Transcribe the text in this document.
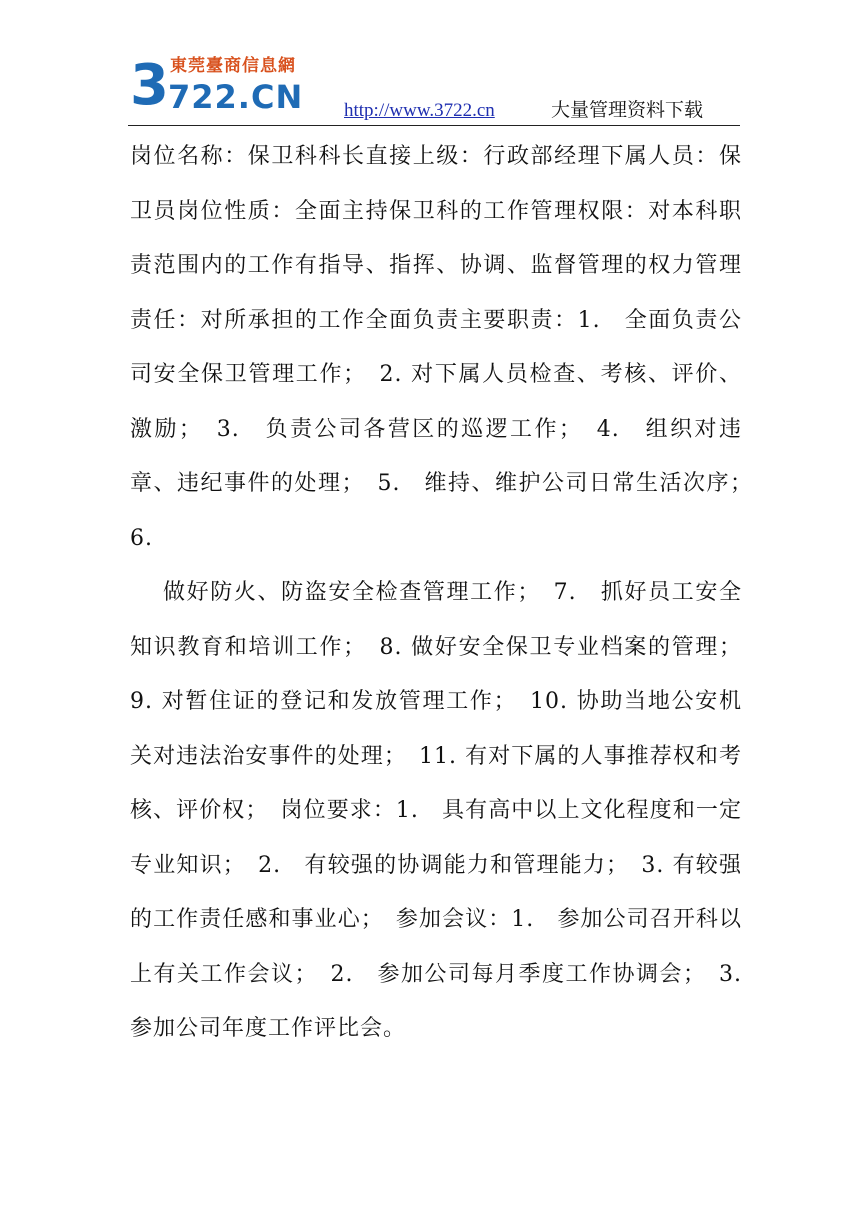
3 東莞臺商信息網
722.CN http://www.3722.cn	大量管理资料下载
岗位名称：保卫科科长直接上级：行政部经理下属人员：保卫员岗位性质：全面主持保卫科的工作管理权限：对本科职责范围内的工作有指导、指挥、协调、监督管理的权力管理责任：对所承担的工作全面负责主要职责：1.　全面负责公司安全保卫管理工作；　2. 对下属人员检查、考核、评价、激励；　3.　负责公司各营区的巡逻工作；　4.　组织对违章、违纪事件的处理；　5.　维持、维护公司日常生活次序；　6.
做好防火、防盗安全检查管理工作；　7.　抓好员工安全知识教育和培训工作；　8. 做好安全保卫专业档案的管理；9. 对暂住证的登记和发放管理工作；　10. 协助当地公安机关对违法治安事件的处理；　11. 有对下属的人事推荐权和考核、评价权；　岗位要求：1.　具有高中以上文化程度和一定专业知识；　2.　有较强的协调能力和管理能力；　3. 有较强的工作责任感和事业心；　参加会议：1.　参加公司召开科以上有关工作会议；　2.　参加公司每月季度工作协调会；　3. 参加公司年度工作评比会。
